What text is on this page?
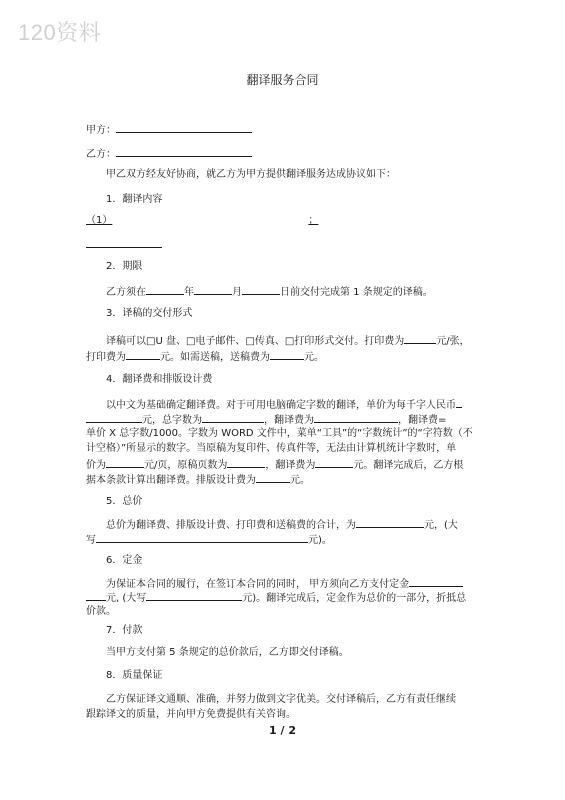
120资料
翻译服务合同
甲方：
乙方：
甲乙双方经友好协商，就乙方为甲方提供翻译服务达成协议如下：
1．翻译内容
（1）	；
2．期限
乙方须在	年	月	日前交付完成第 1 条规定的译稿。
3．译稿的交付形式
译稿可以□U 盘、□电子邮件、□传真、□打印形式交付。打印费为	元/张，
打印费为	元。如需送稿，送稿费为	元。
4．翻译费和排版设计费
以中文为基础确定翻译费。对于可用电脑确定字数的翻译，单价为每千字人民币
元，总字数为	，翻译费为	，翻译费=
单价 X 总字数/1000。字数为 WORD 文件中，菜单“工具”的“字数统计”的“字符数（不
计空格）”所显示的数字。当原稿为复印件、传真件等，无法由计算机统计字数时，单
价为	元/页，原稿页数为	，翻译费为	元。翻译完成后，乙方根
据本条款计算出翻译费。排版设计费为	元。
5．总价
总价为翻译费、排版设计费、打印费和送稿费的合计，为	元，(大
写	元)。
6．定金
为保证本合同的履行，在签订本合同的同时， 甲方须向乙方支付定金
元, (大写	元)。翻译完成后，定金作为总价的一部分，折抵总
价款。
7．付款
当甲方支付第 5 条规定的总价款后，乙方即交付译稿。
8．质量保证
乙方保证译文通顺、准确，并努力做到文字优美。交付译稿后，乙方有责任继续
跟踪译文的质量，并向甲方免费提供有关咨询。
1 / 2
